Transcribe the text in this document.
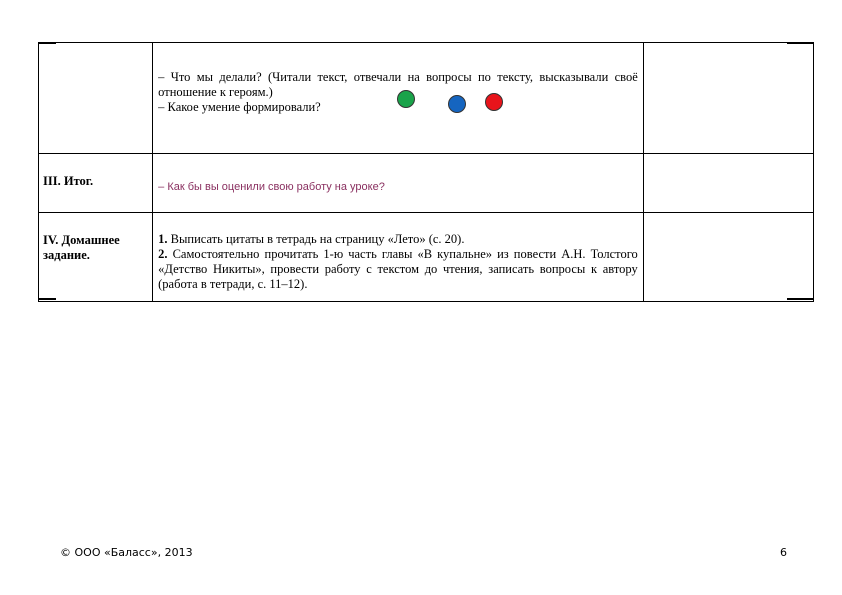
	– Что мы делали? (Читали текст, отвечали на вопросы по тексту, высказывали своё отношение к героям.)
– Какое умение формировали?	

III. Итог.	– Как бы вы оценили свою работу на уроке?	

IV. Домашнее задание.	1. Выписать цитаты в тетрадь на страницу «Лето» (с. 20).
2. Самостоятельно прочитать 1-ю часть главы «В купальне» из повести А.Н. Толстого «Детство Никиты», провести работу с текстом до чтения, записать вопросы к автору (работа в тетради, с. 11–12).	

© ООО «Баласс», 2013	6
